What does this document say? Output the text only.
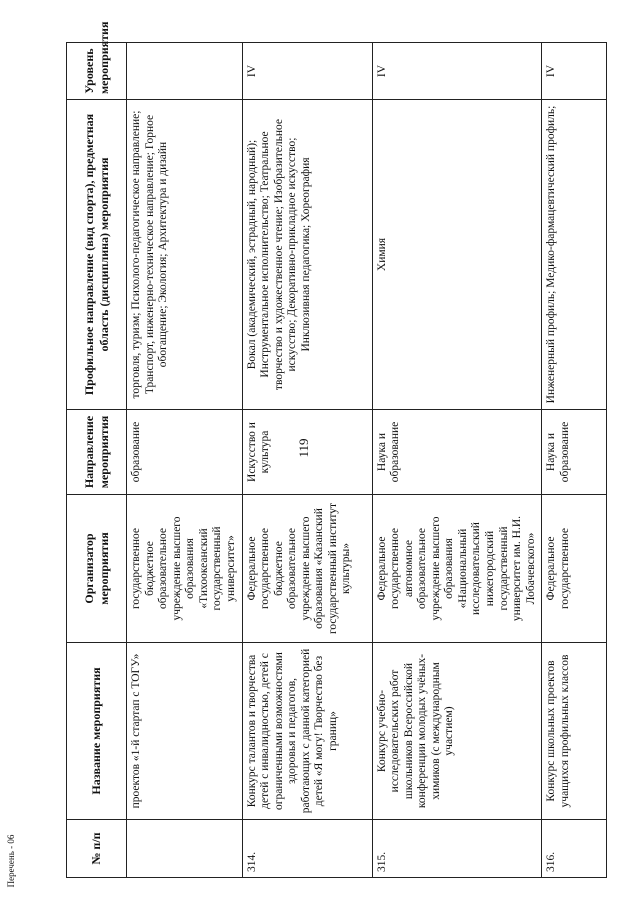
119
Перечень - 06	№ п/п	Название мероприятия	Организатор мероприятия	Направление мероприятия	Профильное направление (вид спорта), предметная область (дисциплина) мероприятия	Уровень мероприятия
	проектов «1-й стартап с ТОГУ»	государственное бюджетное образовательное учреждение высшего образования «Тихоокеанский государственный университет»	образование	торговля, туризм; Психолого-педагогическое направление; Транспорт, инженерно-техническое направление; Горное обогащение; Экология; Архитектура и дизайн	
314.	Конкурс талантов и творчества детей с инвалидностью, детей с ограниченными возможностями здоровья и педагогов, работающих с данной категорией детей «Я могу! Творчество без границ»	Федеральное государственное бюджетное образовательное учреждение высшего образования «Казанский государственный институт культуры»	Искусство и культура	Вокал (академический, эстрадный, народный); Инструментальное исполнительство; Театральное творчество и художественное чтение; Изобразительное искусство; Декоративно-прикладное искусство; Инклюзивная педагогика; Хореография	IV
315.	Конкурс учебно-исследовательских работ школьников Всероссийской конференции молодых учёных-химиков (с международным участием)	Федеральное государственное автономное образовательное учреждение высшего образования «Национальный исследовательский нижегородский государственный университет им. Н.И. Лобачевского»	Наука и образование	Химия	IV
316.	Конкурс школьных проектов учащихся профильных классов	Федеральное государственное	Наука и образование	Инженерный профиль; Медико-фармацевтический профиль;	IV
